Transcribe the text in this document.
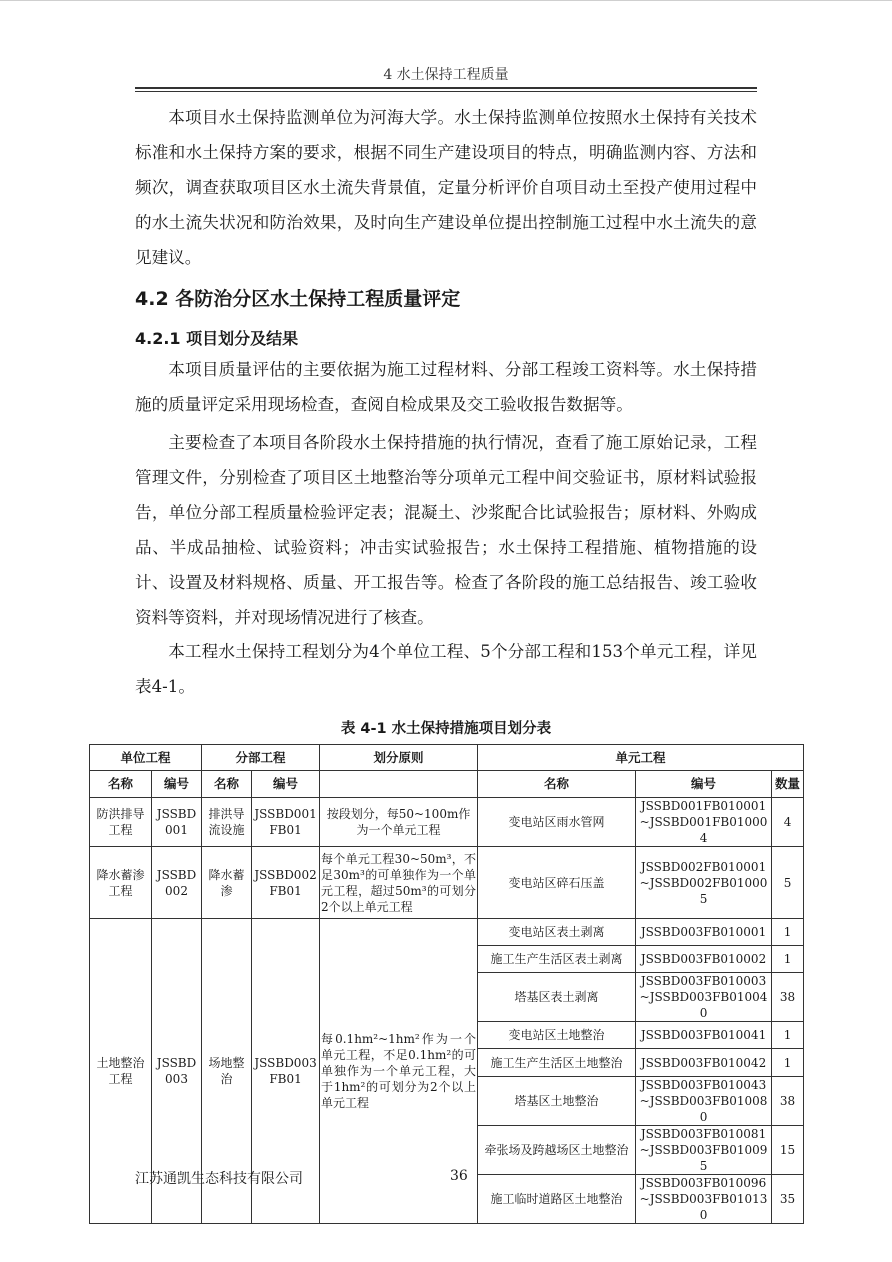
4 水土保持工程质量

本项目水土保持监测单位为河海大学。水土保持监测单位按照水土保持有关技术标准和水土保持方案的要求，根据不同生产建设项目的特点，明确监测内容、方法和频次，调查获取项目区水土流失背景值，定量分析评价自项目动土至投产使用过程中的水土流失状况和防治效果，及时向生产建设单位提出控制施工过程中水土流失的意见建议。

4.2 各防治分区水土保持工程质量评定
4.2.1 项目划分及结果

本项目质量评估的主要依据为施工过程材料、分部工程竣工资料等。水土保持措施的质量评定采用现场检查，查阅自检成果及交工验收报告数据等。

主要检查了本项目各阶段水土保持措施的执行情况，查看了施工原始记录，工程管理文件，分别检查了项目区土地整治等分项单元工程中间交验证书，原材料试验报告，单位分部工程质量检验评定表；混凝土、沙浆配合比试验报告；原材料、外购成品、半成品抽检、试验资料；冲击实试验报告；水土保持工程措施、植物措施的设计、设置及材料规格、质量、开工报告等。检查了各阶段的施工总结报告、竣工验收资料等资料，并对现场情况进行了核查。

本工程水土保持工程划分为4个单位工程、5个分部工程和153个单元工程，详见表4-1。

表 4-1 水土保持措施项目划分表
单位工程		分部工程		划分原则	单元工程		
名称	编号	名称	编号		名称	编号	数量
防洪排导工程	JSSBD001	排洪导流设施	JSSBD001FB01	按段划分，每50~100m作为一个单元工程	变电站区雨水管网	JSSBD001FB010001~JSSBD001FB010004	4
降水蓄渗工程	JSSBD002	降水蓄渗	JSSBD002FB01	每个单元工程30~50m³，不足30m³的可单独作为一个单元工程，超过50m³的可划分2个以上单元工程	变电站区碎石压盖	JSSBD002FB010001~JSSBD002FB010005	5
土地整治工程	JSSBD003	场地整治	JSSBD003FB01	每0.1hm²~1hm²作为一个单元工程，不足0.1hm²的可单独作为一个单元工程，大于1hm²的可划分为2个以上单元工程	变电站区表土剥离	JSSBD003FB010001	1
					施工生产生活区表土剥离	JSSBD003FB010002	1
					塔基区表土剥离	JSSBD003FB010003~JSSBD003FB010040	38
					变电站区土地整治	JSSBD003FB010041	1
					施工生产生活区土地整治	JSSBD003FB010042	1
					塔基区土地整治	JSSBD003FB010043~JSSBD003FB010080	38
					牵张场及跨越场区土地整治	JSSBD003FB010081~JSSBD003FB010095	15
					施工临时道路区土地整治	JSSBD003FB010096~JSSBD003FB010130	35
江苏通凯生态科技有限公司	36
